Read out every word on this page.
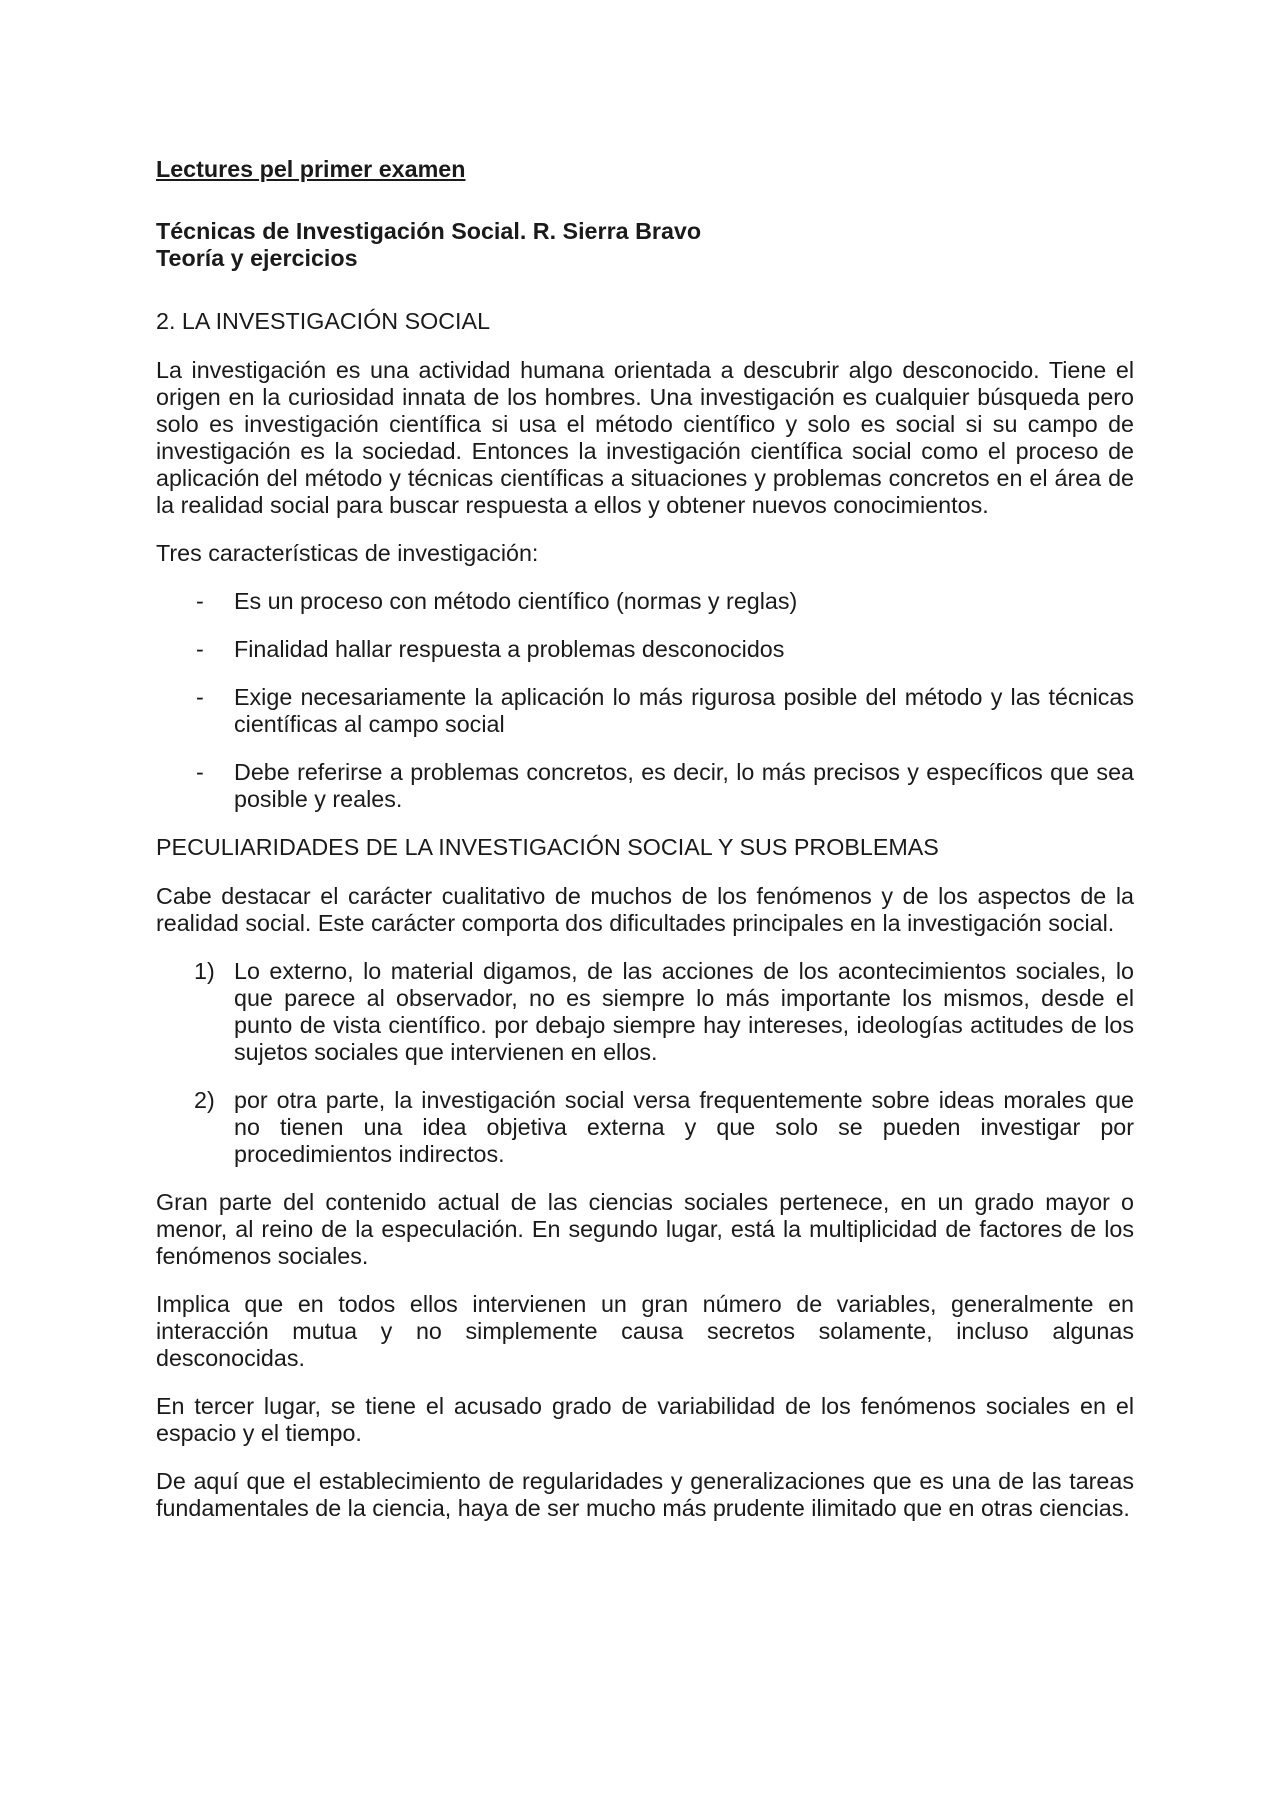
Lectures pel primer examen

Técnicas de Investigación Social. R. Sierra Bravo

Teoría y ejercicios

2. LA INVESTIGACIÓN SOCIAL

La investigación es una actividad humana orientada a descubrir algo desconocido. Tiene el origen en la curiosidad innata de los hombres. Una investigación es cualquier búsqueda pero solo es investigación científica si usa el método científico y solo es social si su campo de investigación es la sociedad. Entonces la investigación científica social como el proceso de aplicación del método y técnicas científicas a situaciones y problemas concretos en el área de la realidad social para buscar respuesta a ellos y obtener nuevos conocimientos.

Tres características de investigación:

- Es un proceso con método científico (normas y reglas)
- Finalidad hallar respuesta a problemas desconocidos
- Exige necesariamente la aplicación lo más rigurosa posible del método y las técnicas científicas al campo social
- Debe referirse a problemas concretos, es decir, lo más precisos y específicos que sea posible y reales.

PECULIARIDADES DE LA INVESTIGACIÓN SOCIAL Y SUS PROBLEMAS

Cabe destacar el carácter cualitativo de muchos de los fenómenos y de los aspectos de la realidad social. Este carácter comporta dos dificultades principales en la investigación social.

1) Lo externo, lo material digamos, de las acciones de los acontecimientos sociales, lo que parece al observador, no es siempre lo más importante los mismos, desde el punto de vista científico. por debajo siempre hay intereses, ideologías actitudes de los sujetos sociales que intervienen en ellos.
2) por otra parte, la investigación social versa frequentemente sobre ideas morales que no tienen una idea objetiva externa y que solo se pueden investigar por procedimientos indirectos.

Gran parte del contenido actual de las ciencias sociales pertenece, en un grado mayor o menor, al reino de la especulación. En segundo lugar, está la multiplicidad de factores de los fenómenos sociales.

Implica que en todos ellos intervienen un gran número de variables, generalmente en interacción mutua y no simplemente causa secretos solamente, incluso algunas desconocidas.

En tercer lugar, se tiene el acusado grado de variabilidad de los fenómenos sociales en el espacio y el tiempo.

De aquí que el establecimiento de regularidades y generalizaciones que es una de las tareas fundamentales de la ciencia, haya de ser mucho más prudente ilimitado que en otras ciencias.
